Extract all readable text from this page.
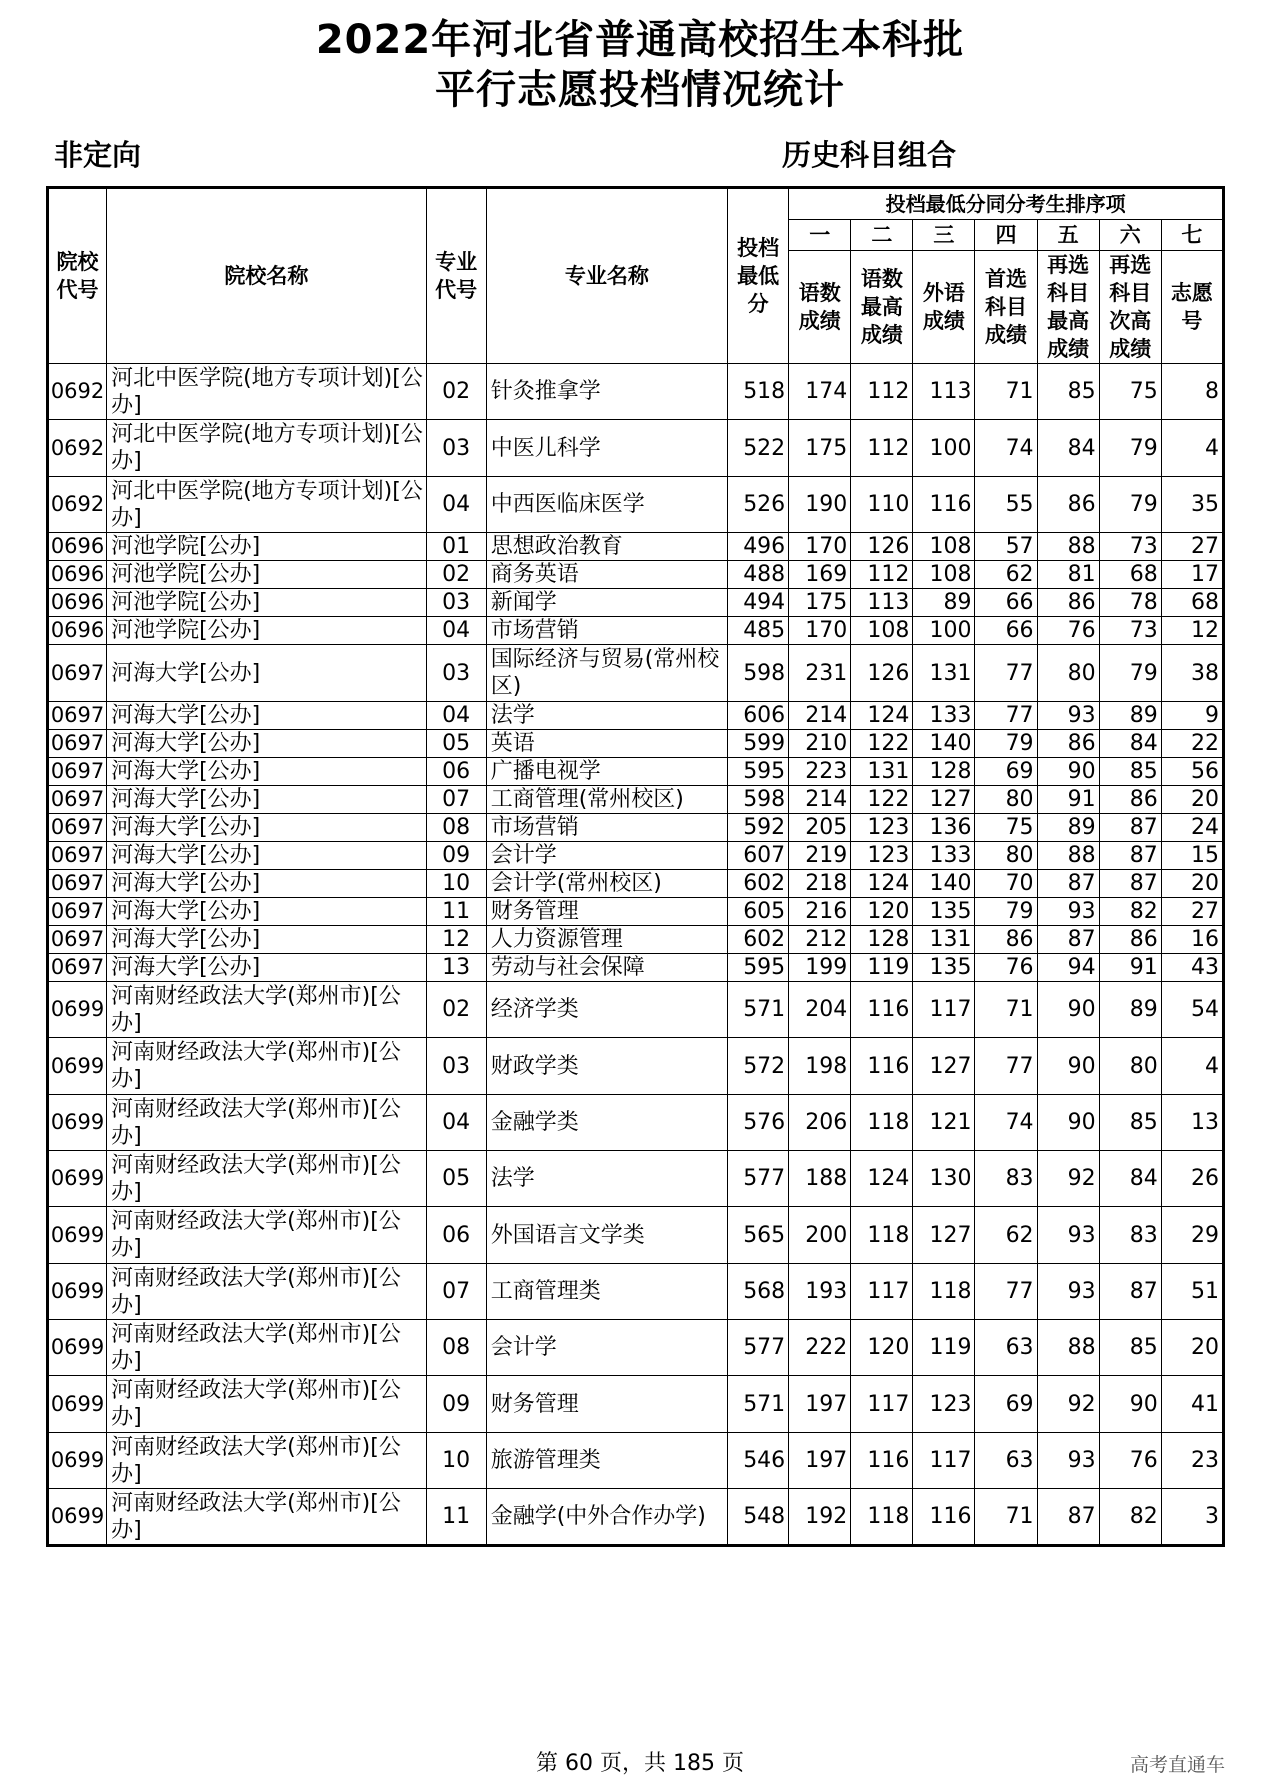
2022年河北省普通高校招生本科批
平行志愿投档情况统计
非定向	历史科目组合
院校代号	院校名称	专业代号	专业名称	投档最低分	投档最低分同分考生排序项						
					一	二	三	四	五	六	七
					语数成绩	语数最高成绩	外语成绩	首选科目成绩	再选科目最高成绩	再选科目次高成绩	志愿号
0692	河北中医学院(地方专项计划)[公办]	02	针灸推拿学	518	174	112	113	71	85	75	8
0692	河北中医学院(地方专项计划)[公办]	03	中医儿科学	522	175	112	100	74	84	79	4
0692	河北中医学院(地方专项计划)[公办]	04	中西医临床医学	526	190	110	116	55	86	79	35
0696	河池学院[公办]	01	思想政治教育	496	170	126	108	57	88	73	27
0696	河池学院[公办]	02	商务英语	488	169	112	108	62	81	68	17
0696	河池学院[公办]	03	新闻学	494	175	113	89	66	86	78	68
0696	河池学院[公办]	04	市场营销	485	170	108	100	66	76	73	12
0697	河海大学[公办]	03	国际经济与贸易(常州校区)	598	231	126	131	77	80	79	38
0697	河海大学[公办]	04	法学	606	214	124	133	77	93	89	9
0697	河海大学[公办]	05	英语	599	210	122	140	79	86	84	22
0697	河海大学[公办]	06	广播电视学	595	223	131	128	69	90	85	56
0697	河海大学[公办]	07	工商管理(常州校区)	598	214	122	127	80	91	86	20
0697	河海大学[公办]	08	市场营销	592	205	123	136	75	89	87	24
0697	河海大学[公办]	09	会计学	607	219	123	133	80	88	87	15
0697	河海大学[公办]	10	会计学(常州校区)	602	218	124	140	70	87	87	20
0697	河海大学[公办]	11	财务管理	605	216	120	135	79	93	82	27
0697	河海大学[公办]	12	人力资源管理	602	212	128	131	86	87	86	16
0697	河海大学[公办]	13	劳动与社会保障	595	199	119	135	76	94	91	43
0699	河南财经政法大学(郑州市)[公办]	02	经济学类	571	204	116	117	71	90	89	54
0699	河南财经政法大学(郑州市)[公办]	03	财政学类	572	198	116	127	77	90	80	4
0699	河南财经政法大学(郑州市)[公办]	04	金融学类	576	206	118	121	74	90	85	13
0699	河南财经政法大学(郑州市)[公办]	05	法学	577	188	124	130	83	92	84	26
0699	河南财经政法大学(郑州市)[公办]	06	外国语言文学类	565	200	118	127	62	93	83	29
0699	河南财经政法大学(郑州市)[公办]	07	工商管理类	568	193	117	118	77	93	87	51
0699	河南财经政法大学(郑州市)[公办]	08	会计学	577	222	120	119	63	88	85	20
0699	河南财经政法大学(郑州市)[公办]	09	财务管理	571	197	117	123	69	92	90	41
0699	河南财经政法大学(郑州市)[公办]	10	旅游管理类	546	197	116	117	63	93	76	23
0699	河南财经政法大学(郑州市)[公办]	11	金融学(中外合作办学)	548	192	118	116	71	87	82	3
第 60 页，共 185 页	高考直通车
